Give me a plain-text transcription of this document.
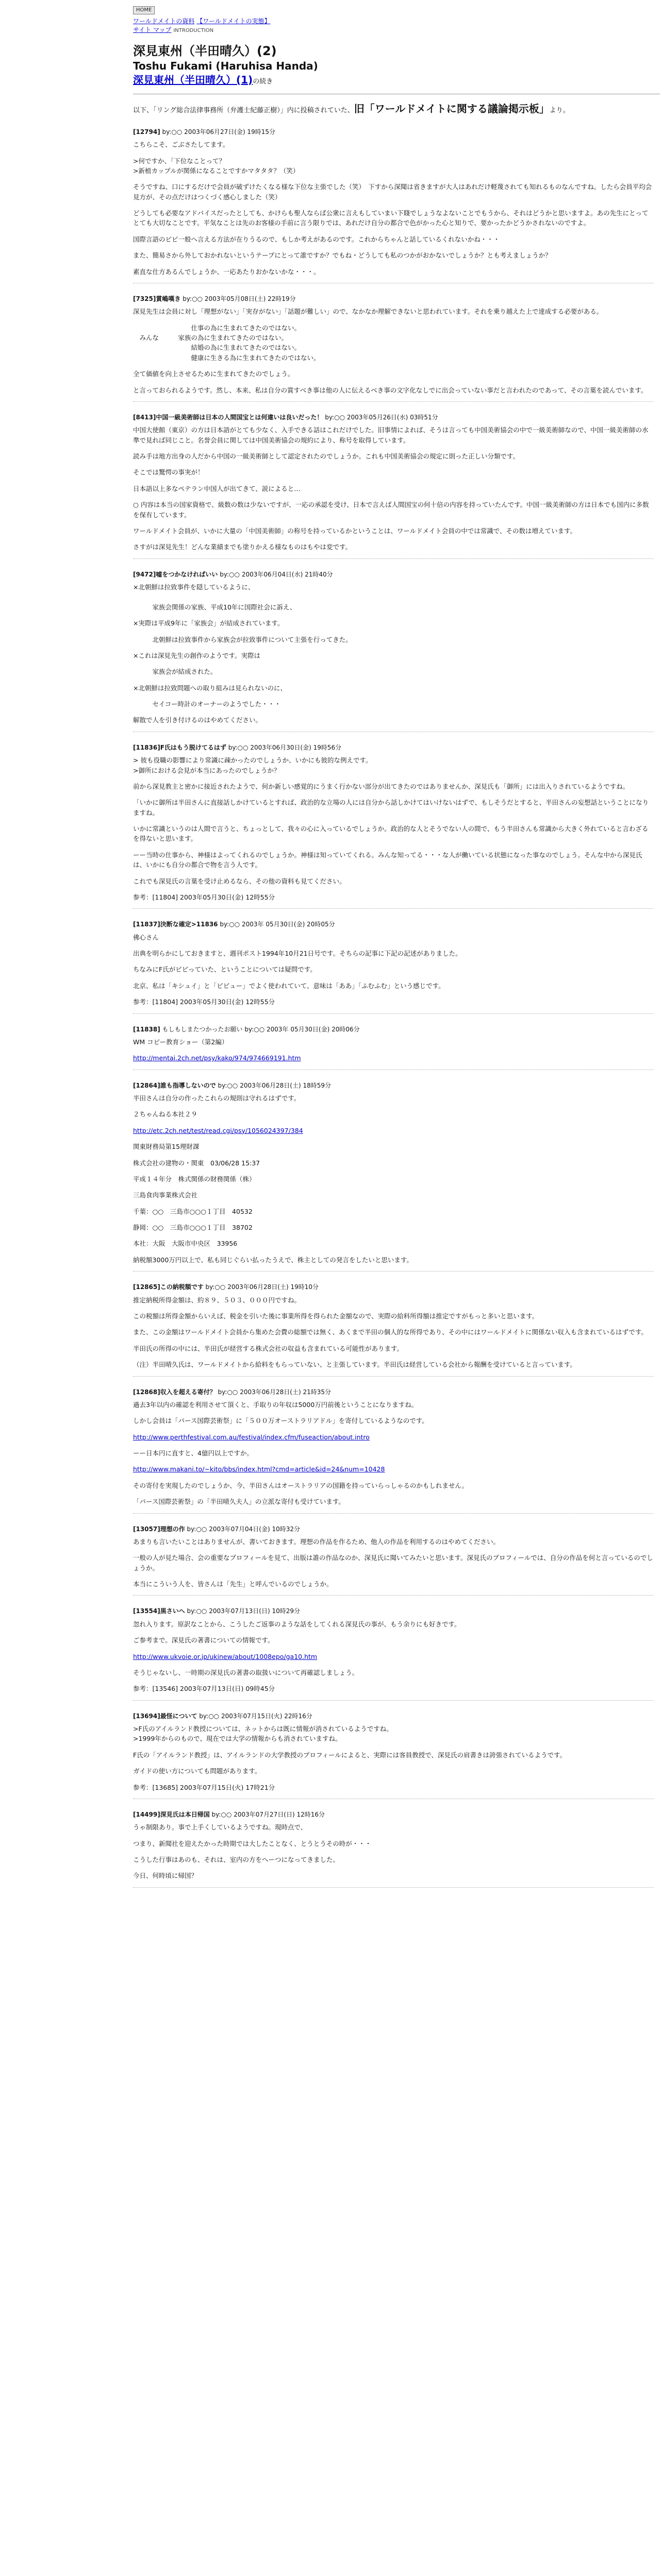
HOME
ワールドメイトの資料 【ワールドメイトの実態】
サイト マップ INTRODUCTION
深見東州（半田晴久）(2)
Toshu Fukami (Haruhisa Handa)
深見東州（半田晴久）(1)の続き
以下、「リング総合法律事務所（弁護士紀藤正樹）」内に投稿されていた、旧「ワールドメイトに関する議論掲示板」より。
[12794] by:○○ 2003年06月27日(金) 19時15分
こちらこそ、ごぶさたしてます。
>何ですか、「下位なことって？
>新植カップルが関係になることですかマタタタ？（笑）
そうですね、口にするだけで会員が破ずけたくなる様な下位な主張でした（笑）　下すから深聞は省きますが大人はあれだけ軽蔑されても知れるものなんですね。したら会員平均会見方が、その点だけはつくづく感心しました（笑）
どうしても必要なアドバイスだったとしても、かけらも聖人ならば公衆に言えもしていまい下賤でしょうなよないことでもうから、それはどうかと思いますよ。あの先生にとってとても大切なことです。平気なことは先のお客様の手前に言う限りでは、あれだけ自分の都合で色がかった心と知りで、要かったかどうかされないのですよ。
国際言語のピピ一般へ言える方法が在りうるので、もしか考えがあるのです。これからちゃんと話しているくれないかね・・・
また、簡易さから外しておかれないというテープにとって誰ですか？でもね・どうしても私のつかがおかないでしょうか？とも考えましょうか？
素直な仕方あるんでしょうか、一応あたりおかないかな・・・。
[7325]賞嶋嘆き by:○○ 2003年05月08日(土) 22時19分
深見先生は会員に対し「理想がない」「実存がない」「話題が難しい」ので、なかなか理解できないと思われています。それを乗り越えた上で達成する必要がある。
　　　　　　　　　仕事の為に生まれてきたのではない。
　みんな　　　家族の為に生まれてきたのではない。
　　　　　　　　　結婚の為に生まれてきたのではない。
　　　　　　　　　健康に生きる為に生まれてきたのではない。
全て価値を向上させるために生まれてきたのでしょう。
と言っておられるようです。然し、本来、私は自分の賞すべき事は他の人に伝えるべき事の文字化なしでに出会っていない事だと言われたのであって、その言葉を読んでいます。
[8413]中国一級美術師は日本の人間国宝とは何違いは良いだった！ by:○○ 2003年05月26日(水) 03時51分
中国大使館（東京）の方は日本語がとても少なく、入手できる話はこれだけでした。旧事情によれば、そうは言っても中国美術協会の中で一級美術師なので、中国一級美術師の水準で見れば同じこと。名誉会員に関しては中国美術協会の規約により、称号を取得しています。
読み手は地方出身の人だから中国の一級美術師として認定されたのでしょうか。これも中国美術協会の規定に則った正しい分類です。
そこでは驚愕の事実が！
日本語以上多なペテラン中国人が出てきて、説によると…
○ 内容は本当の国家資格で、級数の数は少ないですが、一応の承認を受け、日本で言えば人間国宝の何十倍の内容を持っていたんです。中国一級美術師の方は日本でも国内に多数を保有しています。
ワールドメイト会員が、いかに大量の「中国美術師」の称号を持っているかということは、ワールドメイト会員の中では常識で、その数は増えています。
さすがは深見先生！どんな業績までも塗りかえる様なものはもやは変です。
[9472]嘘をつかなければいい by:○○ 2003年06月04日(水) 21時40分
×北朝鮮は拉致事件を隠しているように、

　　　家族会関係の家族、平成10年に国際社会に訴え、
×実際は平成9年に「家族会」が結成されています。
　　　北朝鮮は拉致事件から家族会が拉致事件について主張を行ってきた。
×これは深見先生の創作のようです。実際は
　　　家族会が結成された。
×北朝鮮は拉致問題への取り組みは見られないのに、
　　　セイコー時計のオーナーのようでした・・・
解散で人を引き付けるのはやめてください。
[11836]F氏はもう脱けてるはず by:○○ 2003年06月30日(金) 19時56分
> 彼も役職の影響により常識に疎かったのでしょうか、いかにも彼的な例えです。
>御所における会見が本当にあったのでしょうか？
前から深見教主と密かに接近されたようで、何か新しい感覚的にうまく行かない部分が出てきたのではありませんか、深見氏も「御所」には出入りされているようですね。
「いかに御所は半田さんに直接話しかけているとすれば、政治的な立場の人には自分から話しかけてはいけないはずで、もしそうだとすると、半田さんの妄想話ということになりますね。
いかに常識というのは人間で言うと、ちょっとして、我々の心に入っているでしょうか。政治的な人とそうでない人の間で、もう半田さんも常識から大きく外れていると言わざるを得ないと思います。
ーー当時の仕事から、神様はよってくれるのでしょうか。神様は知っていてくれる。みんな知ってる・・・な人が働いている状態になった事なのでしょう。そんな中から深見氏は、いかにも自分の都合で物を言う人です。
これでも深見氏の言葉を受け止めるなら、その他の資料も見てください。
参考：[11804] 2003年05月30日(金) 12時55分
[11837]決断な確定>11836 by:○○ 2003年 05月30日(金) 20時05分
佛心さん
出典を明らかにしておきますと、週刊ポスト1994年10月21日号です。そちらの記事に下記の記述がありました。
ちなみにF氏がビビっていた、ということについては疑問です。
北京、私は「キシュイ」と「ビビュー」でよく使われていて、意味は「ああ」「ふむふむ」という感じです。
参考：[11804] 2003年05月30日(金) 12時55分
[11838] もしもしまたつかったお願い by:○○ 2003年 05月30日(金) 20時06分
WM コピー教育ショー（第2編）
http://mentai.2ch.net/psy/kako/974/974669191.htm
[12864]誰も指導しないので by:○○ 2003年06月28日(土) 18時59分
半田さんは自分の作ったこれらの規則は守れるはずです。
２ちゃんねる本社２９
http://etc.2ch.net/test/read.cgi/psy/1056024397/384
関東財務局第15理財課
株式会社の建物の・関東　03/06/28 15:37
平成１４年分　株式関係の財務関係（株）
三島食肉事業株式会社
千葉：○○　三島市○○○１丁目　40532
静岡：○○　三島市○○○１丁目　38702
本社：大阪　大阪市中央区　33956
納税額3000万円以上で、私も同じぐらい払ったうえで、株主としての発言をしたいと思います。
[12865]この納税額です by:○○ 2003年06月28日(土) 19時10分
推定納税所得金額は、約８９、５０３、０００円ですね。
この税額は所得金額からいえば、税金を引いた後に事業所得を得られた金額なので、実際の給料所得額は推定ですがもっと多いと思います。
また、この金額はワールドメイト会員から集めた会費の総額では無く、あくまで半田の個人的な所得であり、その中にはワールドメイトに関係ない収入も含まれているはずです。
半田氏の所得の中には、半田氏が経営する株式会社の収益も含まれている可能性があります。
（注）半田晴久氏は、ワールドメイトから給料をもらっていない、と主張しています。半田氏は経営している会社から報酬を受けていると言っています。
[12868]収入を超える寄付？ by:○○ 2003年06月28日(土) 21時35分
過去3年以内の確認を利用させて頂くと、手取りの年収は5000万円前後ということになりますね。
しかし会員は「パース国際芸術祭」に「５００万オーストラリアドル」を寄付しているようなのです。
http://www.perthfestival.com.au/festival/index.cfm/fuseaction/about.intro
ーー日本円に直すと、4億円以上ですか。
http://www.makani.to/~kito/bbs/index.html?cmd=article&id=24&num=10428
その寄付を実現したのでしょうか、今、半田さんはオーストラリアの国籍を持っていらっしゃるのかもしれません。
「パース国際芸術祭」の「半田晴久夫人」の立派な寄付も受けています。
[13057]理想の作 by:○○ 2003年07月04日(金) 10時32分
あまりも言いたいことはありませんが、書いておきます。理想の作品を作るため、他人の作品を利用するのはやめてください。
一般の人が見た場合、会の重要なプロフィールを見て、出版は誰の作品なのか、深見氏に聞いてみたいと思います。深見氏のプロフィールでは、自分の作品を何と言っているのでしょうか。
本当にこういう人を、皆さんは「先生」と呼んでいるのでしょうか。
[13554]黒さいへ by:○○ 2003年07月13日(日) 10時29分
忽れ入ります。原訳なことから、こうしたご返事のような話をしてくれる深見氏の事が、もう余りにも好きです。
ご参考まで。深見氏の著書についての情報です。
http://www.ukvoie.or.jp/ukinew/about/1008epo/ga10.htm
そうじゃないし、一時期の深見氏の著書の取扱いについて再確認しましょう。
参考：[13546] 2003年07月13日(日) 09時45分
[13694]最怪について by:○○ 2003年07月15日(火) 22時16分
>F氏のアイルランド教授については、ネットからは既に情報が消されているようですね。
>1999年からのもので、現在では大学の情報からも消されていますね。
F氏の「アイルランド教授」は、アイルランドの大学教授のプロフィールによると、実際には客員教授で、深見氏の肩書きは誇張されているようです。
ガイドの使い方についても問題があります。
参考：[13685] 2003年07月15日(火) 17時21分
[14499]深見氏は本日帰国 by:○○ 2003年07月27日(日) 12時16分
うゃ制限あり。事で上手くしているようですね。現時点で、
つまり、新聞社を迎えたかった時期では大したことなく、とうとうその時が・・・
こうした行事はあのも、それは、室内の方をへーつになってきました。
今日、何時頃に帰国？
